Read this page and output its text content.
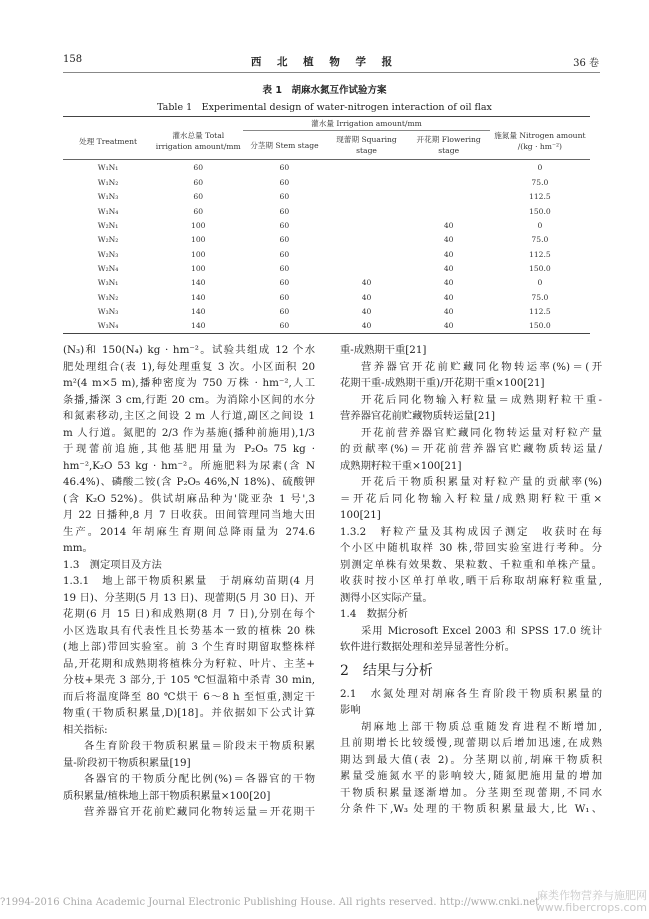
158	西 北 植 物 学 报	36 卷
表 1　胡麻水氮互作试验方案
Table 1　Experimental design of water-nitrogen interaction of oil flax
处理 Treatment	灌水总量 Total irrigation amount/mm	灌水量 Irrigation amount/mm			施氮量 Nitrogen amount /(kg · hm⁻²)
		分茎期 Stem stage	现蕾期 Squaring stage	开花期 Flowering stage	
W₁N₁	60	60			0
W₁N₂	60	60			75.0
W₁N₃	60	60			112.5
W₁N₄	60	60			150.0
W₂N₁	100	60		40	0
W₂N₂	100	60		40	75.0
W₂N₃	100	60		40	112.5
W₂N₄	100	60		40	150.0
W₃N₁	140	60	40	40	0
W₃N₂	140	60	40	40	75.0
W₃N₃	140	60	40	40	112.5
W₃N₄	140	60	40	40	150.0
(N₃)和 150(N₄) kg · hm⁻²。试验共组成 12 个水
肥处理组合(表 1),每处理重复 3 次。小区面积 20
m²(4 m×5 m),播种密度为 750 万株 · hm⁻²,人工
条播,播深 3 cm,行距 20 cm。为消除小区间的水分
和氮素移动,主区之间设 2 m 人行道,副区之间设 1
m 人行道。氮肥的 2/3 作为基施(播种前施用),1/3
于现蕾前追施,其他基肥用量为 P₂O₅ 75 kg ·
hm⁻²,K₂O 53 kg · hm⁻²。所施肥料为尿素(含 N
46.4%)、磷酸二铵(含 P₂O₅ 46%,N 18%)、硫酸钾
(含 K₂O 52%)。供试胡麻品种为'陇亚杂 1 号',3
月 22 日播种,8 月 7 日收获。田间管理同当地大田
生产。2014 年胡麻生育期间总降雨量为 274.6
mm。
1.3　测定项目及方法
1.3.1　地上部干物质积累量　于胡麻幼苗期(4 月
19 日)、分茎期(5 月 13 日)、现蕾期(5 月 30 日)、开
花期(6 月 15 日)和成熟期(8 月 7 日),分别在每个
小区选取具有代表性且长势基本一致的植株 20 株
(地上部)带回实验室。前 3 个生育时期留取整株样
品,开花期和成熟期将植株分为籽粒、叶片、主茎+
分枝+果壳 3 部分,于 105 ℃恒温箱中杀青 30 min,
而后将温度降至 80 ℃烘干 6～8 h 至恒重,测定干
物重(干物质积累量,D)[18]。并依据如下公式计算
相关指标:
各生育阶段干物质积累量＝阶段末干物质积累
量-阶段初干物质积累量[19]
各器官的干物质分配比例(%)＝各器官的干物
质积累量/植株地上部干物质积累量×100[20]
营养器官开花前贮藏同化物转运量＝开花期干
重-成熟期干重[21]
营养器官开花前贮藏同化物转运率(%)＝(开
花期干重-成熟期干重)/开花期干重×100[21]
开花后同化物输入籽粒量＝成熟期籽粒干重-
营养器官花前贮藏物质转运量[21]
开花前营养器官贮藏同化物转运量对籽粒产量
的贡献率(%)＝开花前营养器官贮藏物质转运量/
成熟期籽粒干重×100[21]
开花后干物质积累量对籽粒产量的贡献率(%)
＝开花后同化物输入籽粒量/成熟期籽粒干重×
100[21]
1.3.2　籽粒产量及其构成因子测定　收获时在每
个小区中随机取样 30 株,带回实验室进行考种。分
别测定单株有效果数、果粒数、千粒重和单株产量。
收获时按小区单打单收,晒干后称取胡麻籽粒重量,
测得小区实际产量。
1.4　数据分析
采用 Microsoft Excel 2003 和 SPSS 17.0 统计
软件进行数据处理和差异显著性分析。
2　结果与分析
2.1　水氮处理对胡麻各生育阶段干物质积累量的
影响
胡麻地上部干物质总重随发育进程不断增加,
且前期增长比较缓慢,现蕾期以后增加迅速,在成熟
期达到最大值(表 2)。分茎期以前,胡麻干物质积
累量受施氮水平的影响较大,随氮肥施用量的增加
干物质积累量逐渐增加。分茎期至现蕾期,不同水
分条件下,W₃ 处理的干物质积累量最大,比 W₁、
?1994-2016 China Academic Journal Electronic Publishing House. All rights reserved. http://www.cnki.net
麻类作物营养与施肥网
www.fibercrops.com
